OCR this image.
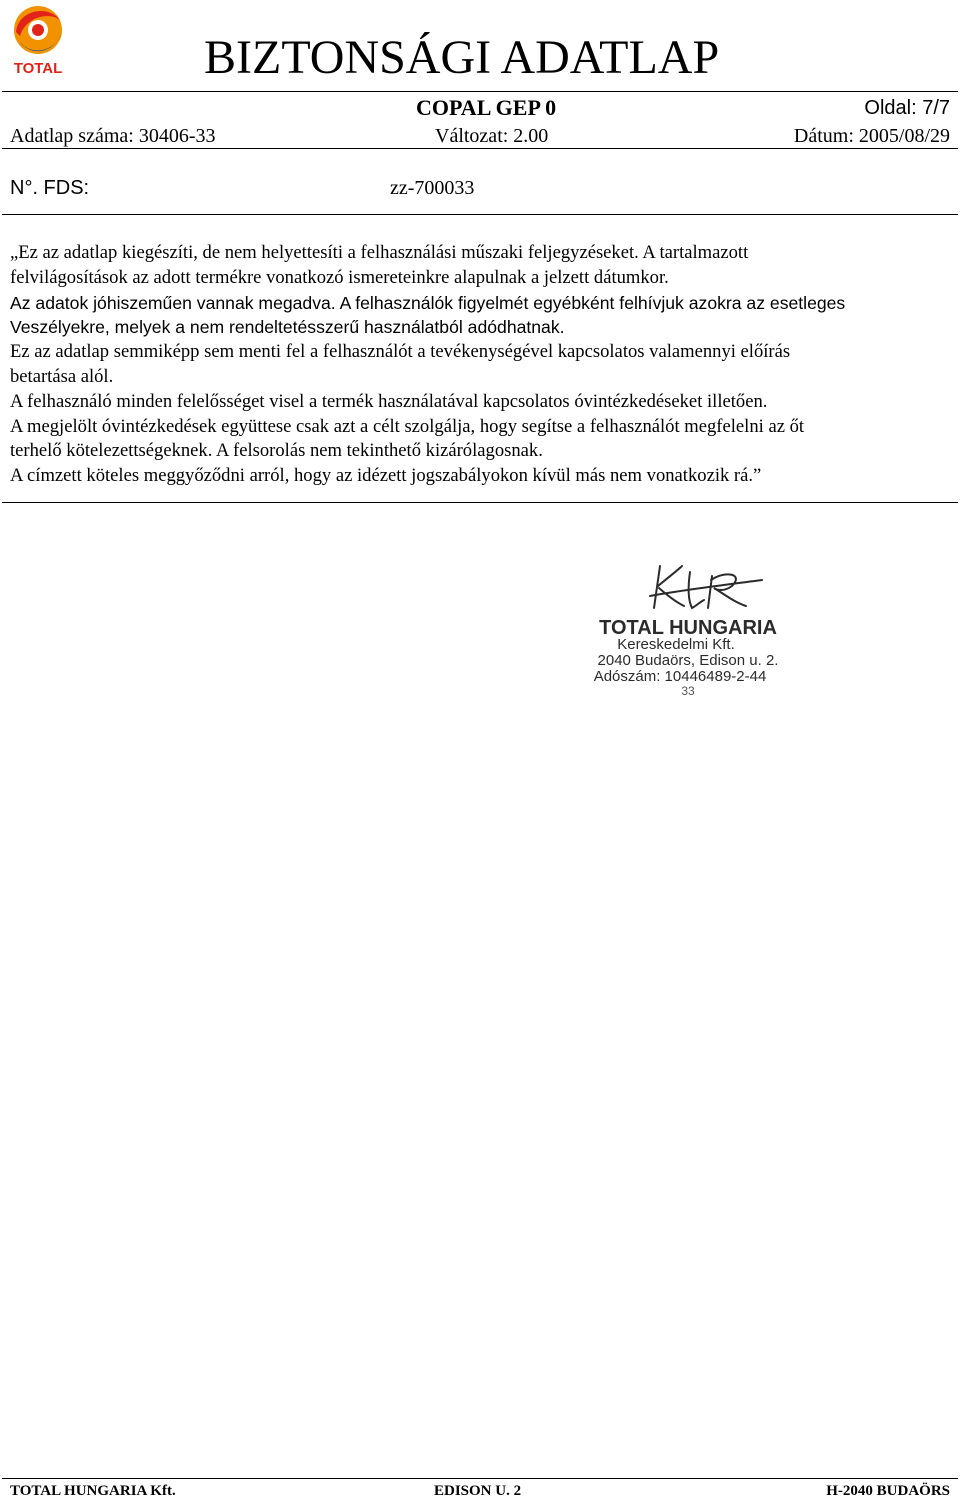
TOTAL	BIZTONSÁGI ADATLAP
COPAL GEP 0	Oldal: 7/7
Adatlap száma: 30406-33	Változat: 2.00	Dátum: 2005/08/29
N°. FDS:	zz-700033
„Ez az adatlap kiegészíti, de nem helyettesíti a felhasználási műszaki feljegyzéseket. A tartalmazott
felvilágosítások az adott termékre vonatkozó ismereteinkre alapulnak a jelzett dátumkor.
Az adatok jóhiszeműen vannak megadva. A felhasználók figyelmét egyébként felhívjuk azokra az esetleges
Veszélyekre, melyek a nem rendeltetésszerű használatból adódhatnak.
Ez az adatlap semmiképp sem menti fel a felhasználót a tevékenységével kapcsolatos valamennyi előírás
betartása alól.
A felhasználó minden felelősséget visel a termék használatával kapcsolatos óvintézkedéseket illetően.
A megjelölt óvintézkedések együttese csak azt a célt szolgálja, hogy segítse a felhasználót megfelelni az őt
terhelő kötelezettségeknek. A felsorolás nem tekinthető kizárólagosnak.
A címzett köteles meggyőződni arról, hogy az idézett jogszabályokon kívül más nem vonatkozik rá.”
TOTAL HUNGARIA
Kereskedelmi Kft.
2040 Budaörs, Edison u. 2.
Adószám: 10446489-2-44
33
TOTAL HUNGARIA Kft.	EDISON U. 2	H-2040 BUDAÖRS
